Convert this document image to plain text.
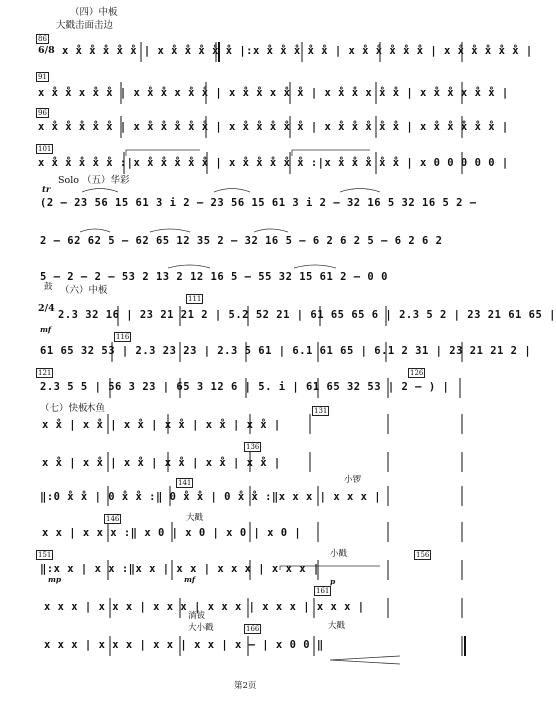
（四）中板
大戳击面击边
86
6/8 x x̊ x̊ x̊ x̊ x̊ | x x̊ x̊ x̊ x̊ x̊ |:x x̊ x̊ x̊ x̊ x̊ | x x̊ x̊ x̊ x̊ x̊ | x x̊ x̊ x̊ x̊ x̊ |
91
x x̊ x̊ x x̊ x̊ | x x̊ x̊ x x̊ x̊ | x x̊ x̊ x x̊ x̊ | x x̊ x̊ x x̊ x̊ | x x̊ x̊ x x̊ x̊ |
96
x x̊ x̊ x̊ x̊ x̊ | x x̊ x̊ x̊ x̊ x̊ | x x̊ x̊ x̊ x̊ x̊ | x x̊ x̊ x̊ x̊ x̊ | x x̊ x̊ x̊ x̊ x̊ |
101
x x̊ x̊ x̊ x̊ x̊ :|x x̊ x̊ x̊ x̊ x̊ | x x̊ x̊ x̊ x̊ x̊ :|x x̊ x̊ x̊ x̊ x̊ | x 0 0 0 0 0 |
Solo （五）华彩
tr
(2 – 23 56 15 61 3 i 2 – 23 56 15 61 3 i 2 – 32 16 5 32 16 5 2 –
2 – 62 62 5 – 62 65 12 35 2 – 32 16 5 – 6 2 6 2 5 – 6 2 6 2
5 – 2 – 2 – 53 2 13 2 12 16 5 – 55 32 15 61 2 – 0 0
鼓 （六）中板
2/4
mf
111
2.3 32 16 | 23 21 21 2 | 5.2 52 21 | 61 65 65 6 | 2.3 5 2 | 23 21 61 65 |
116
61 65 32 53 | 2.3 23 23 | 2.3 5 61 | 6.1 61 65 | 6.1 2 31 | 23 21 21 2 |
121	126
2.3 5 5 | 56 3 23 | 65 3 12 6 | 5. i | 61 65 32 53 | 2 – ) |
（七）快板
木鱼	131
x x̊ | x x̊ | x x̊ | x x̊ | x x̊ | x x̊ |
136
x x̊ | x x̊ | x x̊ | x x̊ | x x̊ | x x̊ |
141	小锣
‖:0 x̊ x̊ | 0 x̊ x̊ :‖ 0 x̊ x̊ | 0 x̊ x̊ :‖x x x | x x x |
146	大戳
x x | x x x :‖ x 0 | x 0 | x 0 | x 0 |
151	小戳	156
mp	mf	p
‖:x x | x x :‖x x | x x | x x x | x x x |
161
x x x | x x x | x x x | x x x | x x x | x x x |
淌钹
大小戳	166	大戳
x x x | x x x | x x | x x | x – | x 0 0 ‖
第2页
